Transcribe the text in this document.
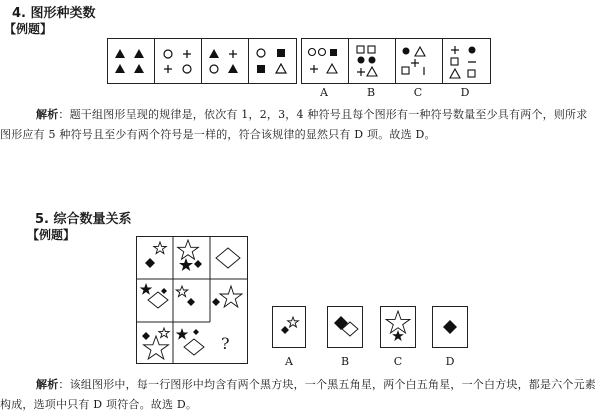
4. 图形种类数
【例题】
A	B	C	D
解析：题干组图形呈现的规律是，依次有 1，2，3，4 种符号且每个图形有一种符号数量至少具有两个，则所求图形应有 5 种符号且至少有两个符号是一样的，符合该规律的显然只有 D 项。故选 D。
5. 综合数量关系
【例题】
?
A	B	C	D
解析：该组图形中，每一行图形中均含有两个黑方块，一个黑五角星，两个白五角星，一个白方块，都是六个元素构成，选项中只有 D 项符合。故选 D。
